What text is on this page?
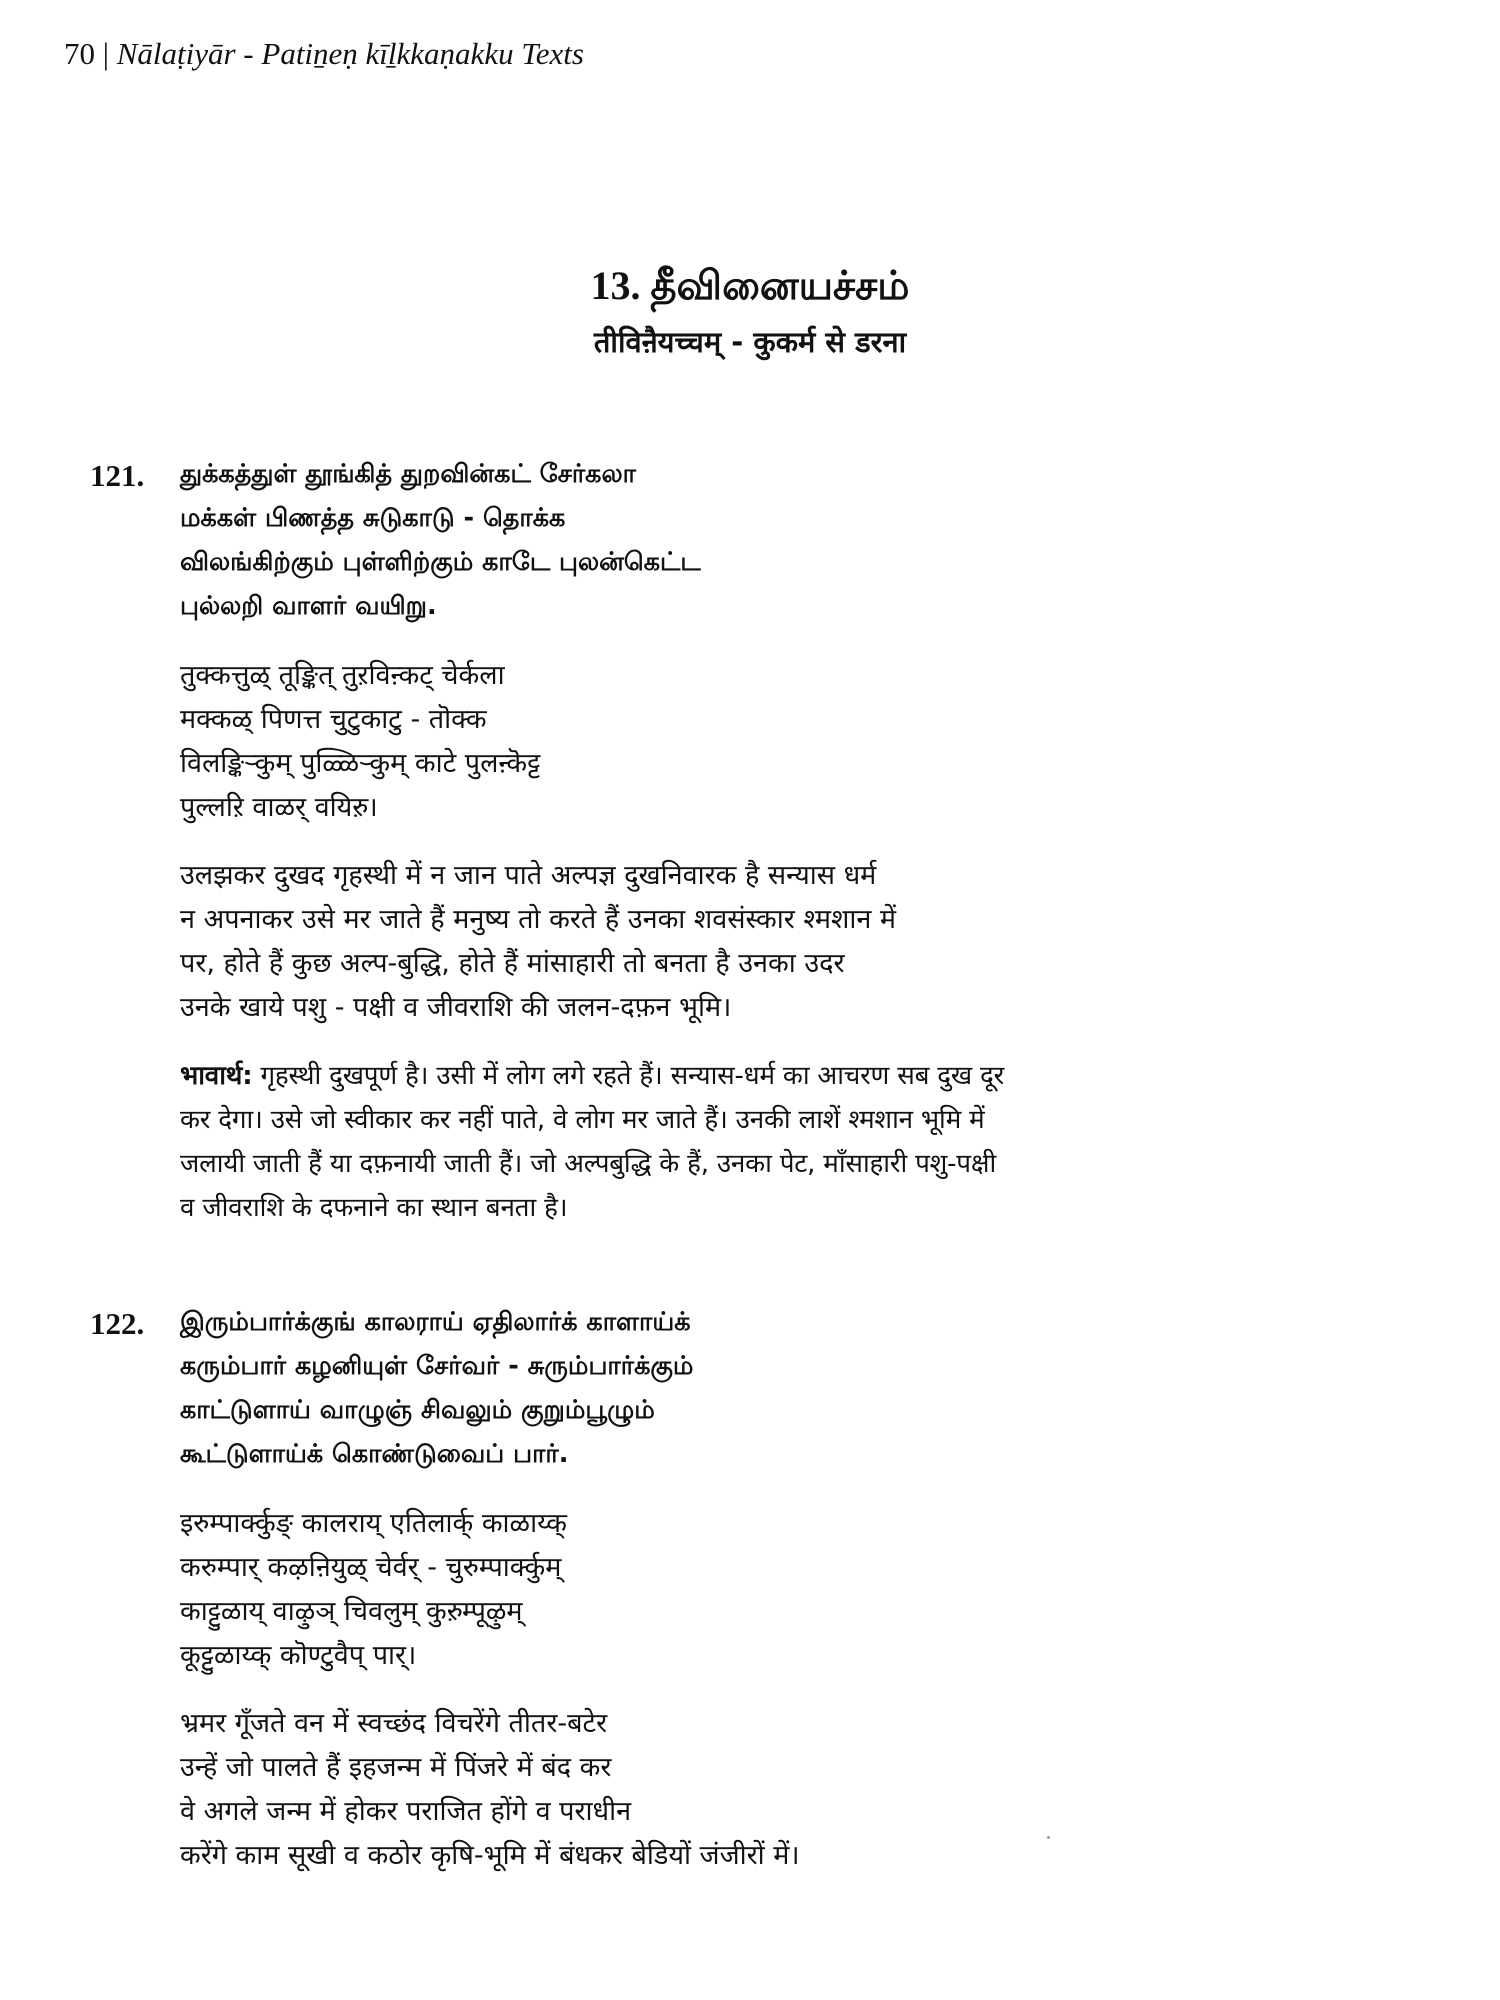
70 | Nālaṭiyār - Patiṉeṇ kīḻkkaṇakku Texts
13. தீவினையச்சம்
तीविऩैयच्चम् - कुकर्म से डरना
121. துக்கத்துள் தூங்கித் துறவின்கட் சேர்கலா
மக்கள் பிணத்த சுடுகாடு - தொக்க
விலங்கிற்கும் புள்ளிற்கும் காடே புலன்கெட்ட
புல்லறி வாளர் வயிறு.
तुक्कत्तुळ् तूङ्कित् तुऱविऩ्कट् चेर्कला
मक्कळ् पिणत्त चुटुकाटु - तॊक्क
विलङ्किऱ्कुम् पुळ्ळिऱ्कुम् काटे पुलऩ्कॆट्ट
पुल्लऱि वाळर् वयिऱु।
उलझकर दुखद गृहस्थी में न जान पाते अल्पज्ञ दुखनिवारक है सन्यास धर्म
न अपनाकर उसे मर जाते हैं मनुष्य तो करते हैं उनका शवसंस्कार श्मशान में
पर, होते हैं कुछ अल्प-बुद्धि, होते हैं मांसाहारी तो बनता है उनका उदर
उनके खाये पशु - पक्षी व जीवराशि की जलन-दफ़न भूमि।
भावार्थ: गृहस्थी दुखपूर्ण है। उसी में लोग लगे रहते हैं। सन्यास-धर्म का आचरण सब दुख दूर
कर देगा। उसे जो स्वीकार कर नहीं पाते, वे लोग मर जाते हैं। उनकी लाशें श्मशान भूमि में
जलायी जाती हैं या दफ़नायी जाती हैं। जो अल्पबुद्धि के हैं, उनका पेट, माँसाहारी पशु-पक्षी
व जीवराशि के दफनाने का स्थान बनता है।
122. இரும்பார்க்குங் காலராய் ஏதிலார்க் காளாய்க்
கரும்பார் கழனியுள் சேர்வர் - சுரும்பார்க்கும்
காட்டுளாய் வாழுஞ் சிவலும் குறும்பூழும்
கூட்டுளாய்க் கொண்டுவைப் பார்.
इरुम्पार्क्कुङ् कालराय् एतिलार्क् काळाय्क्
करुम्पार् कऴऩियुळ् चेर्वर् - चुरुम्पार्क्कुम्
काट्टुळाय् वाऴुञ् चिवलुम् कुऱुम्पूऴुम्
कूट्टुळाय्क् कॊण्टुवैप् पार्।
भ्रमर गूँजते वन में स्वच्छंद विचरेंगे तीतर-बटेर
उन्हें जो पालते हैं इहजन्म में पिंजरे में बंद कर
वे अगले जन्म में होकर पराजित होंगे व पराधीन
करेंगे काम सूखी व कठोर कृषि-भूमि में बंधकर बेडियों जंजीरों में।
